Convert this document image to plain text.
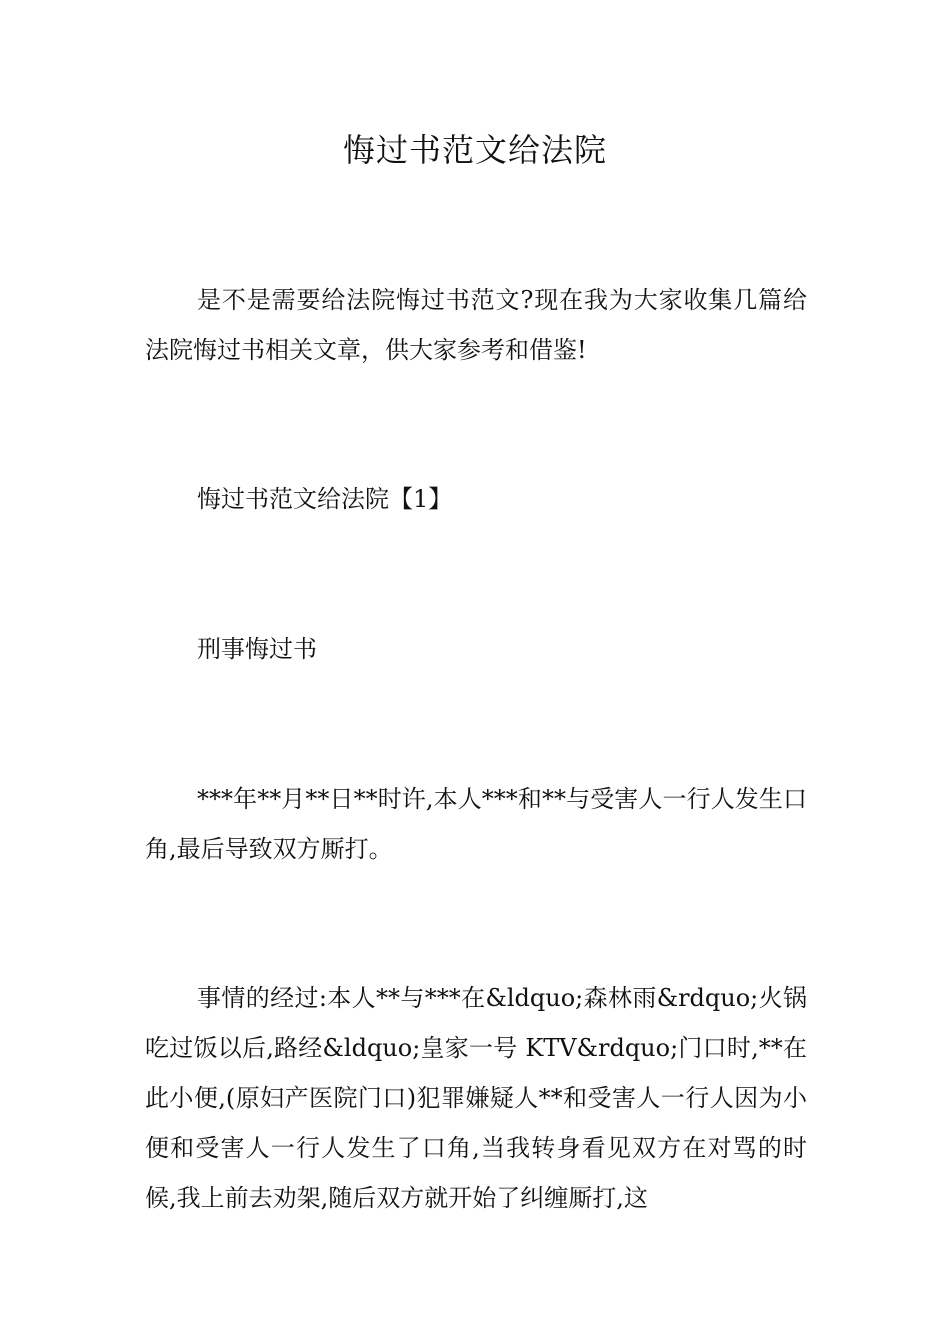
悔过书范文给法院

是不是需要给法院悔过书范文?现在我为大家收集几篇给法院悔过书相关文章，供大家参考和借鉴!

悔过书范文给法院【1】

刑事悔过书

***年**月**日**时许,本人***和**与受害人一行人发生口角,最后导致双方厮打。

事情的经过:本人**与***在&ldquo;森林雨&rdquo;火锅吃过饭以后,路经&ldquo;皇家一号 KTV&rdquo;门口时,**在此小便,(原妇产医院门口)犯罪嫌疑人**和受害人一行人因为小便和受害人一行人发生了口角,当我转身看见双方在对骂的时候,我上前去劝架,随后双方就开始了纠缠厮打,这
